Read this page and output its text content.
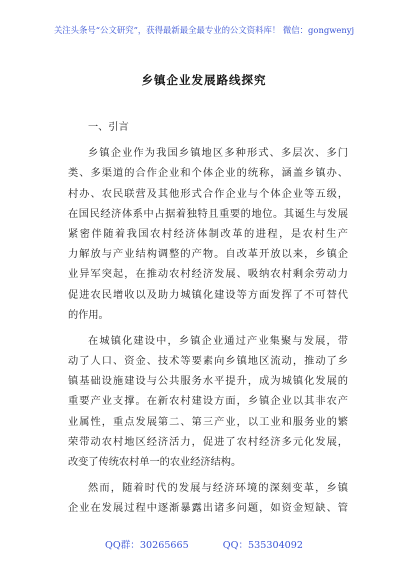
关注头条号“公文研究”，获得最新最全最专业的公文资料库！ 微信：gongwenyj
乡镇企业发展路线探究
一、引言
乡镇企业作为我国乡镇地区多种形式、多层次、多门
类、多渠道的合作企业和个体企业的统称，涵盖乡镇办、
村办、农民联营及其他形式合作企业与个体企业等五级，
在国民经济体系中占据着独特且重要的地位。其诞生与发展
紧密伴随着我国农村经济体制改革的进程，是农村生产
力解放与产业结构调整的产物。自改革开放以来，乡镇企
业异军突起，在推动农村经济发展、吸纳农村剩余劳动力
促进农民增收以及助力城镇化建设等方面发挥了不可替代
的作用。
在城镇化建设中，乡镇企业通过产业集聚与发展，带
动了人口、资金、技术等要素向乡镇地区流动，推动了乡
镇基础设施建设与公共服务水平提升，成为城镇化发展的
重要产业支撑。在新农村建设方面，乡镇企业以其非农产
业属性，重点发展第二、第三产业，以工业和服务业的繁
荣带动农村地区经济活力，促进了农村经济多元化发展，
改变了传统农村单一的农业经济结构。
然而，随着时代的发展与经济环境的深刻变革，乡镇
企业在发展过程中逐渐暴露出诸多问题，如资金短缺、管
QQ群：30265665	QQ：535304092
